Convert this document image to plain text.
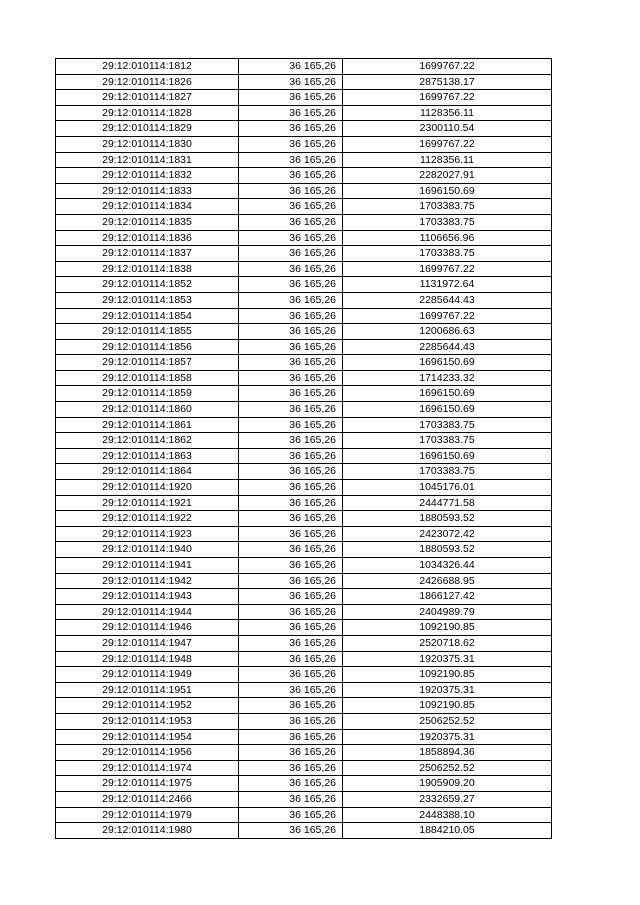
29:12:010114:1812	36 165,26	1699767.22
29:12:010114:1826	36 165,26	2875138.17
29:12:010114:1827	36 165,26	1699767.22
29:12:010114:1828	36 165,26	1128356.11
29:12:010114:1829	36 165,26	2300110.54
29:12:010114:1830	36 165,26	1699767.22
29:12:010114:1831	36 165,26	1128356.11
29:12:010114:1832	36 165,26	2282027.91
29:12:010114:1833	36 165,26	1696150.69
29:12:010114:1834	36 165,26	1703383.75
29:12:010114:1835	36 165,26	1703383.75
29:12:010114:1836	36 165,26	1106656.96
29:12:010114:1837	36 165,26	1703383.75
29:12:010114:1838	36 165,26	1699767.22
29:12:010114:1852	36 165,26	1131972.64
29:12:010114:1853	36 165,26	2285644.43
29:12:010114:1854	36 165,26	1699767.22
29:12:010114:1855	36 165,26	1200686.63
29:12:010114:1856	36 165,26	2285644.43
29:12:010114:1857	36 165,26	1696150.69
29:12:010114:1858	36 165,26	1714233.32
29:12:010114:1859	36 165,26	1696150.69
29:12:010114:1860	36 165,26	1696150.69
29:12:010114:1861	36 165,26	1703383.75
29:12:010114:1862	36 165,26	1703383.75
29:12:010114:1863	36 165,26	1696150.69
29:12:010114:1864	36 165,26	1703383.75
29:12:010114:1920	36 165,26	1045176.01
29:12:010114:1921	36 165,26	2444771.58
29:12:010114:1922	36 165,26	1880593.52
29:12:010114:1923	36 165,26	2423072.42
29:12:010114:1940	36 165,26	1880593.52
29:12:010114:1941	36 165,26	1034326.44
29:12:010114:1942	36 165,26	2426688.95
29:12:010114:1943	36 165,26	1866127.42
29:12:010114:1944	36 165,26	2404989.79
29:12:010114:1946	36 165,26	1092190.85
29:12:010114:1947	36 165,26	2520718.62
29:12:010114:1948	36 165,26	1920375.31
29:12:010114:1949	36 165,26	1092190.85
29:12:010114:1951	36 165,26	1920375.31
29:12:010114:1952	36 165,26	1092190.85
29:12:010114:1953	36 165,26	2506252.52
29:12:010114:1954	36 165,26	1920375.31
29:12:010114:1956	36 165,26	1858894.36
29:12:010114:1974	36 165,26	2506252.52
29:12:010114:1975	36 165,26	1905909.20
29:12:010114:2466	36 165,26	2332659.27
29:12:010114:1979	36 165,26	2448388.10
29:12:010114:1980	36 165,26	1884210.05
